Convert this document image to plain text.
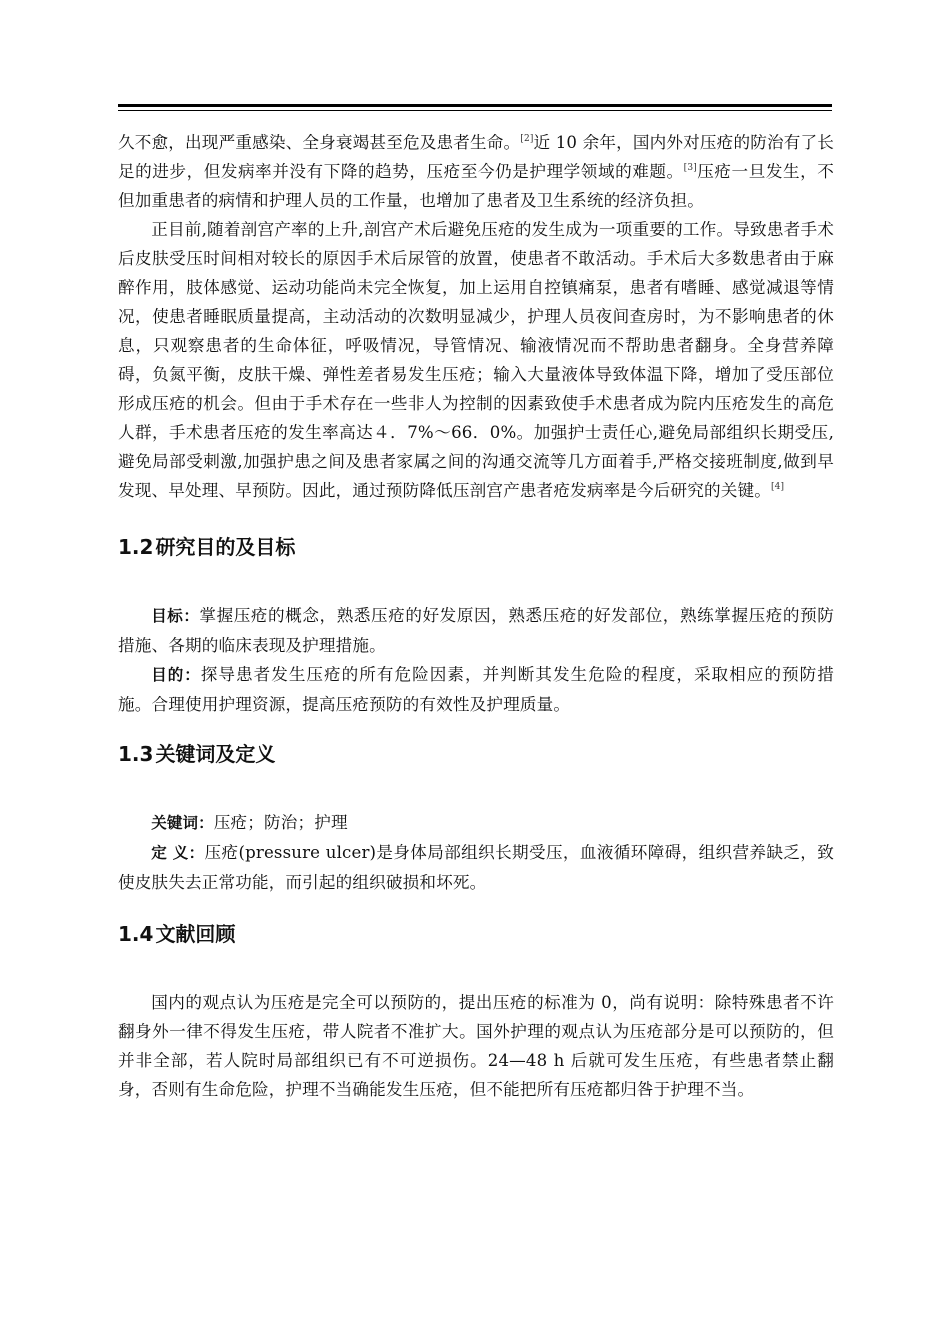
久不愈，出现严重感染、全身衰竭甚至危及患者生命。[2]近 10 余年，国内外对压疮的防治有了长足的进步，但发病率并没有下降的趋势，压疮至今仍是护理学领域的难题。[3]压疮一旦发生，不但加重患者的病情和护理人员的工作量，也增加了患者及卫生系统的经济负担。

正目前,随着剖宫产率的上升,剖宫产术后避免压疮的发生成为一项重要的工作。导致患者手术后皮肤受压时间相对较长的原因手术后尿管的放置，使患者不敢活动。手术后大多数患者由于麻醉作用，肢体感觉、运动功能尚未完全恢复，加上运用自控镇痛泵，患者有嗜睡、感觉减退等情况，使患者睡眠质量提高，主动活动的次数明显减少，护理人员夜间查房时，为不影响患者的休息，只观察患者的生命体征，呼吸情况，导管情况、输液情况而不帮助患者翻身。全身营养障碍，负氮平衡，皮肤干燥、弹性差者易发生压疮；输入大量液体导致体温下降，增加了受压部位形成压疮的机会。但由于手术存在一些非人为控制的因素致使手术患者成为院内压疮发生的高危人群，手术患者压疮的发生率高达４．7%～66．0%。加强护士责任心,避免局部组织长期受压,避免局部受刺激,加强护患之间及患者家属之间的沟通交流等几方面着手,严格交接班制度,做到早发现、早处理、早预防。因此，通过预防降低压剖宫产患者疮发病率是今后研究的关键。[4]

1.2 研究目的及目标

目标：掌握压疮的概念，熟悉压疮的好发原因，熟悉压疮的好发部位，熟练掌握压疮的预防措施、各期的临床表现及护理措施。

目的：探导患者发生压疮的所有危险因素，并判断其发生危险的程度，采取相应的预防措施。合理使用护理资源，提高压疮预防的有效性及护理质量。

1.3 关键词及定义

关键词：压疮；防治；护理

定 义：压疮(pressure ulcer)是身体局部组织长期受压，血液循环障碍，组织营养缺乏，致使皮肤失去正常功能，而引起的组织破损和坏死。

1.4 文献回顾

国内的观点认为压疮是完全可以预防的，提出压疮的标准为 0，尚有说明：除特殊患者不许翻身外一律不得发生压疮，带人院者不准扩大。国外护理的观点认为压疮部分是可以预防的，但并非全部，若人院时局部组织已有不可逆损伤。24—48 h 后就可发生压疮，有些患者禁止翻身，否则有生命危险，护理不当确能发生压疮，但不能把所有压疮都归咎于护理不当。
